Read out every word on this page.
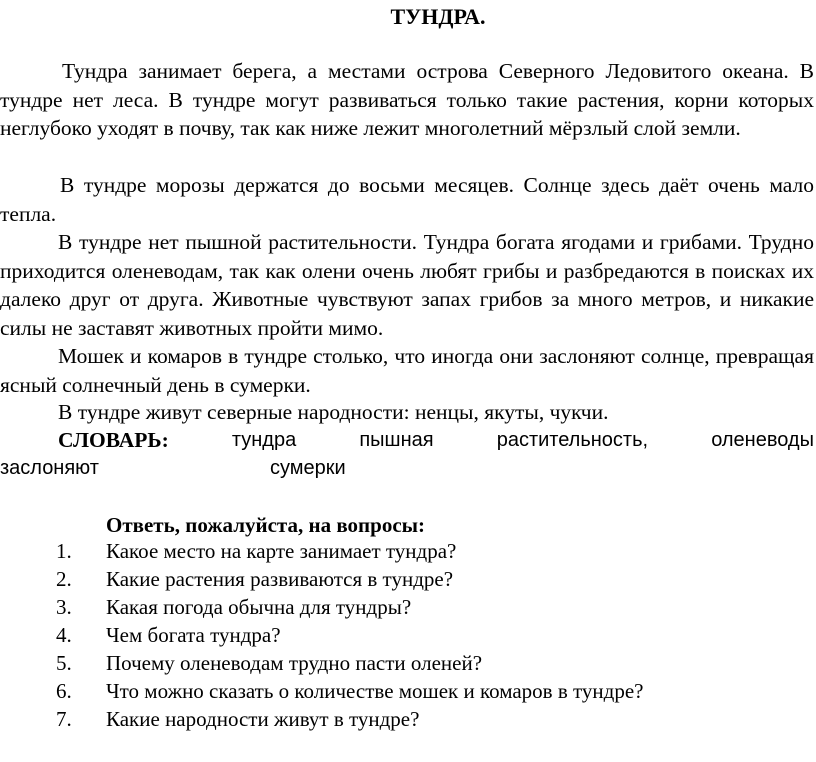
ТУНДРА.

Тундра занимает берега, а местами острова Северного Ледовитого океана. В тундре нет леса. В тундре могут развиваться только такие растения, корни которых неглубоко уходят в почву, так как ниже лежит многолетний мёрзлый слой земли.

В тундре морозы держатся до восьми месяцев. Солнце здесь даёт очень мало тепла.

В тундре нет пышной растительности. Тундра богата ягодами и грибами. Трудно приходится оленеводам, так как олени очень любят грибы и разбредаются в поисках их далеко друг от друга. Животные чувствуют запах грибов за много метров, и никакие силы не заставят животных пройти мимо.

Мошек и комаров в тундре столько, что иногда они заслоняют солнце, превращая ясный солнечный день в сумерки.

В тундре живут северные народности: ненцы, якуты, чукчи.

СЛОВАРЬ:	тундра	пышная	растительность,	оленеводы
заслоняют	сумерки
Ответь, пожалуйста, на вопросы:
1.	Какое место на карте занимает тундра?
2.	Какие растения развиваются в тундре?
3.	Какая погода обычна для тундры?
4.	Чем богата тундра?
5.	Почему оленеводам трудно пасти оленей?
6.	Что можно сказать о количестве мошек и комаров в тундре?
7.	Какие народности живут в тундре?
